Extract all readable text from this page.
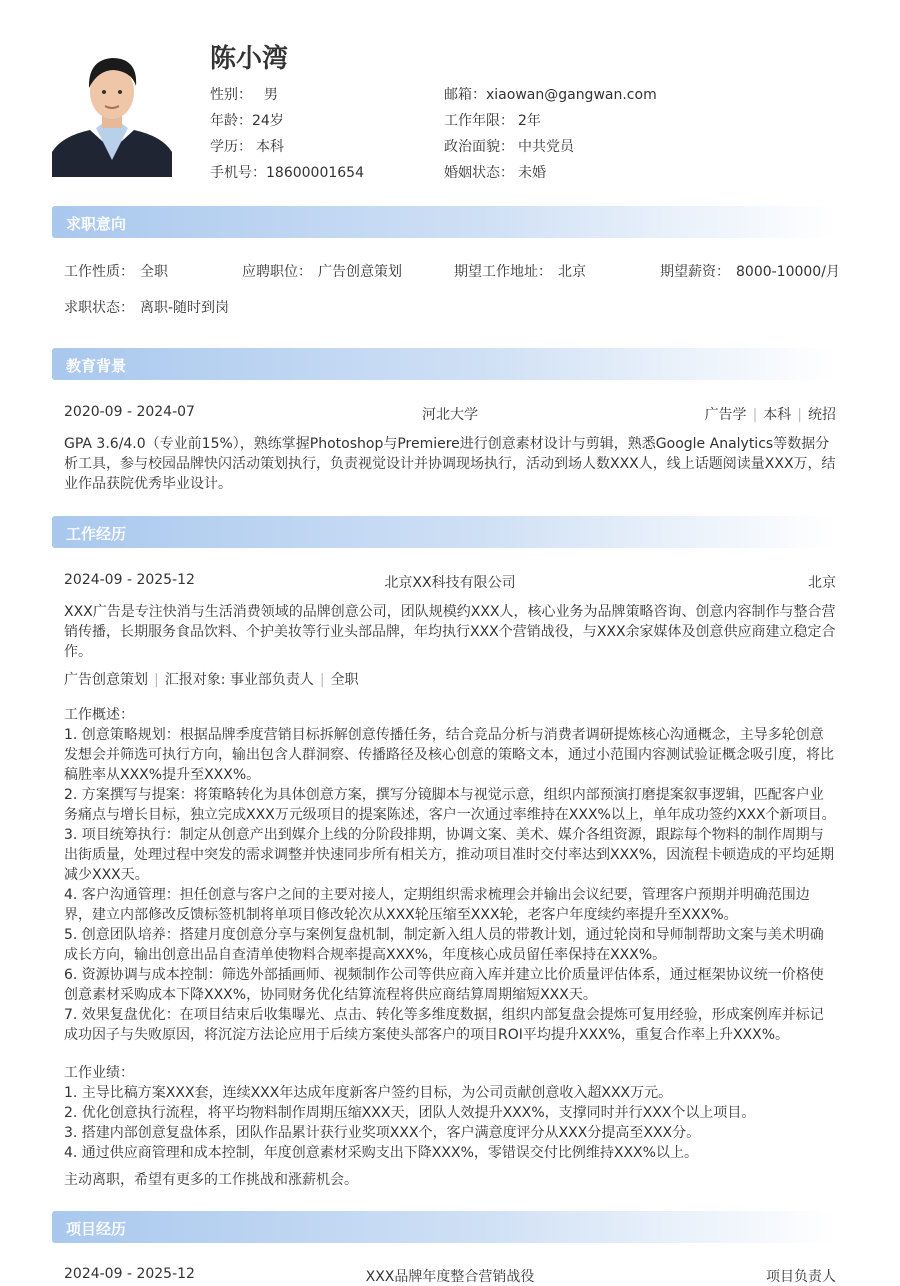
陈小湾
性别： 男	邮箱：xiaowan@gangwan.com
年龄：24岁	工作年限： 2年
学历： 本科	政治面貌： 中共党员
手机号：18600001654	婚姻状态： 未婚
求职意向
工作性质： 全职	应聘职位： 广告创意策划	期望工作地址： 北京	期望薪资： 8000-10000/月
求职状态： 离职-随时到岗
教育背景
2020-09 - 2024-07	河北大学	广告学 | 本科 | 统招
GPA 3.6/4.0（专业前15%），熟练掌握Photoshop与Premiere进行创意素材设计与剪辑，熟悉Google Analytics等数据分析工具，参与校园品牌快闪活动策划执行，负责视觉设计并协调现场执行，活动到场人数XXX人，线上话题阅读量XXX万，结业作品获院优秀毕业设计。
工作经历
2024-09 - 2025-12	北京XX科技有限公司	北京
XXX广告是专注快消与生活消费领域的品牌创意公司，团队规模约XXX人，核心业务为品牌策略咨询、创意内容制作与整合营销传播，长期服务食品饮料、个护美妆等行业头部品牌，年均执行XXX个营销战役，与XXX余家媒体及创意供应商建立稳定合作。
广告创意策划 | 汇报对象: 事业部负责人 | 全职
工作概述：
1. 创意策略规划：根据品牌季度营销目标拆解创意传播任务，结合竞品分析与消费者调研提炼核心沟通概念，主导多轮创意发想会并筛选可执行方向，输出包含人群洞察、传播路径及核心创意的策略文本，通过小范围内容测试验证概念吸引度，将比稿胜率从XXX%提升至XXX%。
2. 方案撰写与提案：将策略转化为具体创意方案，撰写分镜脚本与视觉示意，组织内部预演打磨提案叙事逻辑，匹配客户业务痛点与增长目标，独立完成XXX万元级项目的提案陈述，客户一次通过率维持在XXX%以上，单年成功签约XXX个新项目。
3. 项目统筹执行：制定从创意产出到媒介上线的分阶段排期，协调文案、美术、媒介各组资源，跟踪每个物料的制作周期与出街质量，处理过程中突发的需求调整并快速同步所有相关方，推动项目准时交付率达到XXX%，因流程卡顿造成的平均延期减少XXX天。
4. 客户沟通管理：担任创意与客户之间的主要对接人，定期组织需求梳理会并输出会议纪要，管理客户预期并明确范围边界，建立内部修改反馈标签机制将单项目修改轮次从XXX轮压缩至XXX轮，老客户年度续约率提升至XXX%。
5. 创意团队培养：搭建月度创意分享与案例复盘机制，制定新入组人员的带教计划，通过轮岗和导师制帮助文案与美术明确成长方向，输出创意出品自查清单使物料合规率提高XXX%，年度核心成员留任率保持在XXX%。
6. 资源协调与成本控制：筛选外部插画师、视频制作公司等供应商入库并建立比价质量评估体系，通过框架协议统一价格使创意素材采购成本下降XXX%，协同财务优化结算流程将供应商结算周期缩短XXX天。
7. 效果复盘优化：在项目结束后收集曝光、点击、转化等多维度数据，组织内部复盘会提炼可复用经验，形成案例库并标记成功因子与失败原因，将沉淀方法论应用于后续方案使头部客户的项目ROI平均提升XXX%，重复合作率上升XXX%。
工作业绩：
1. 主导比稿方案XXX套，连续XXX年达成年度新客户签约目标，为公司贡献创意收入超XXX万元。
2. 优化创意执行流程，将平均物料制作周期压缩XXX天，团队人效提升XXX%，支撑同时并行XXX个以上项目。
3. 搭建内部创意复盘体系，团队作品累计获行业奖项XXX个，客户满意度评分从XXX分提高至XXX分。
4. 通过供应商管理和成本控制，年度创意素材采购支出下降XXX%，零错误交付比例维持XXX%以上。
主动离职，希望有更多的工作挑战和涨薪机会。
项目经历
2024-09 - 2025-12	XXX品牌年度整合营销战役	项目负责人
